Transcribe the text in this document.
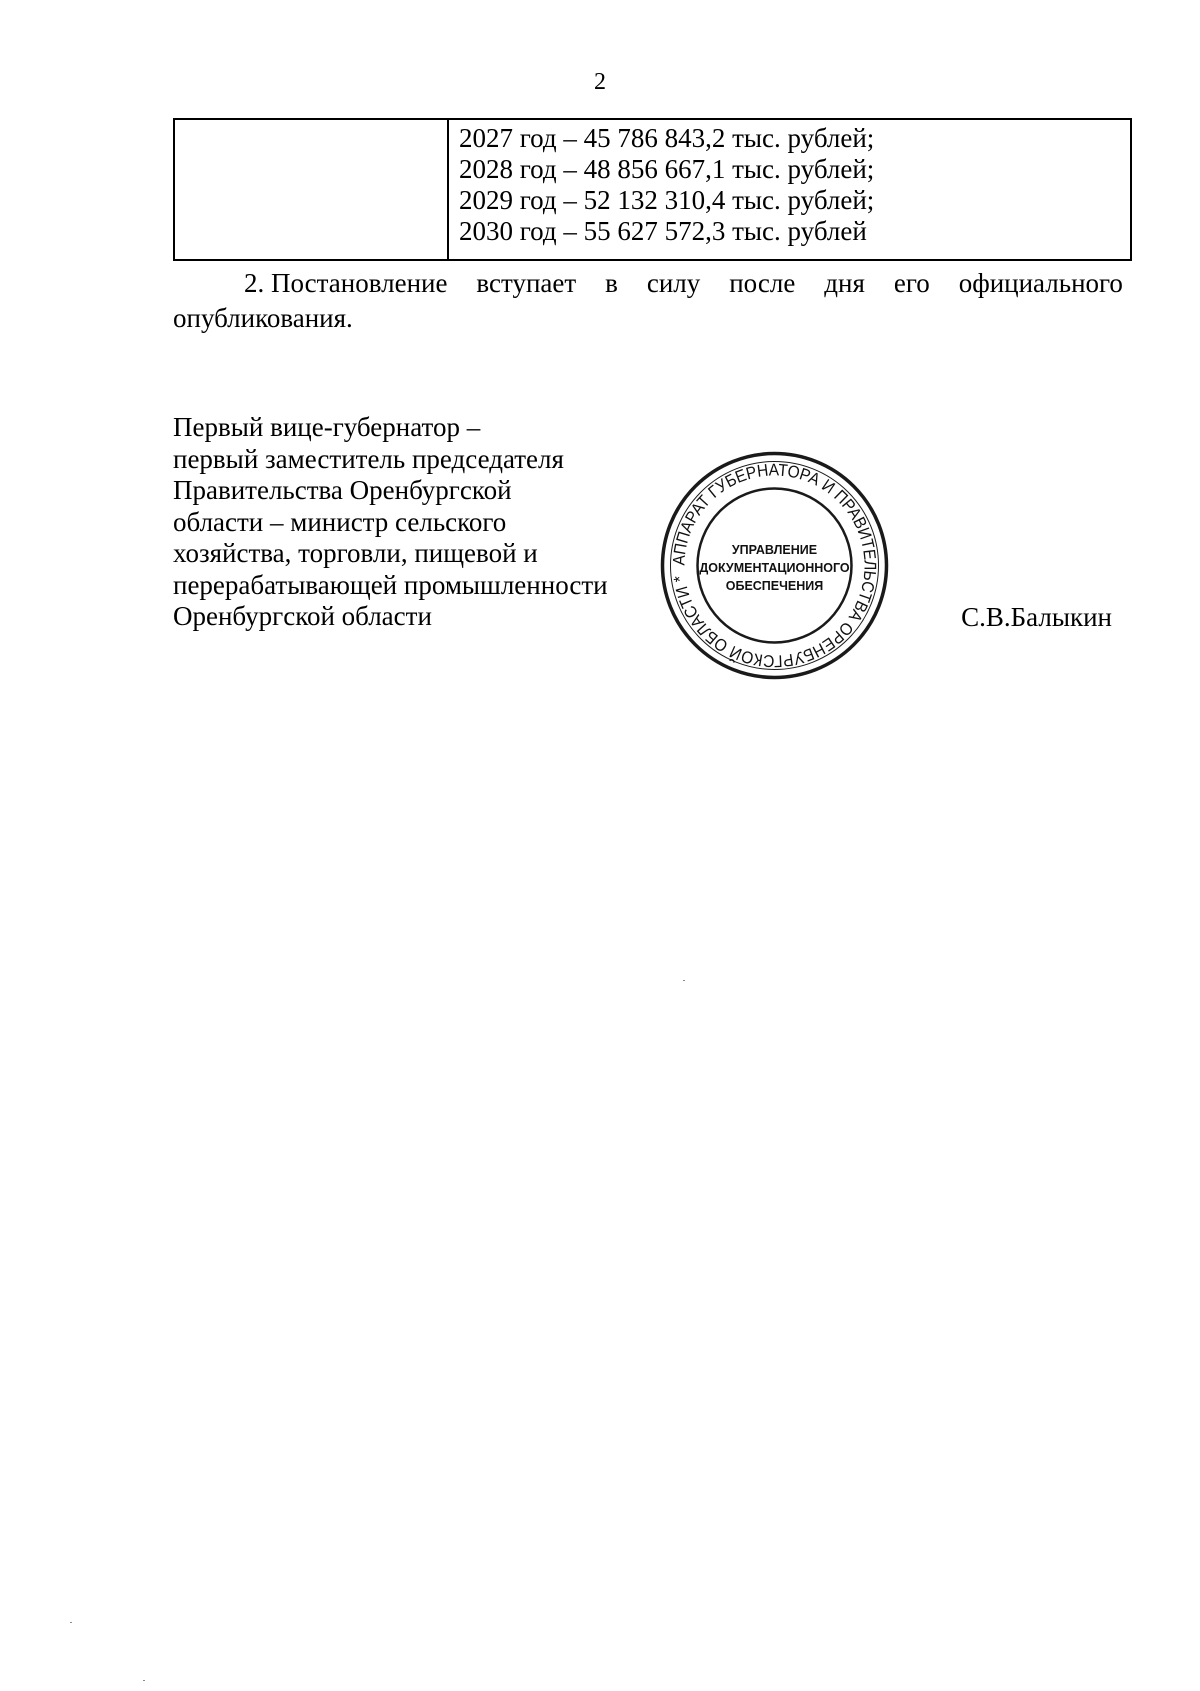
2

2027 год – 45 786 843,2 тыс. рублей;
2028 год – 48 856 667,1 тыс. рублей;
2029 год – 52 132 310,4 тыс. рублей;
2030 год – 55 627 572,3 тыс. рублей
2. Постановление вступает в силу после дня его официального
опубликования.
Первый вице-губернатор –
первый заместитель председателя
Правительства Оренбургской
области – министр сельского
хозяйства, торговли, пищевой и
перерабатывающей промышленности
Оренбургской области
АППАРАТ ГУБЕРНАТОРА И ПРАВИТЕЛЬСТВА ОРЕНБУРГСКОЙ ОБЛАСТИ *
УПРАВЛЕНИЕ
ДОКУМЕНТАЦИОННОГО
ОБЕСПЕЧЕНИЯ
С.В.Балыкин
